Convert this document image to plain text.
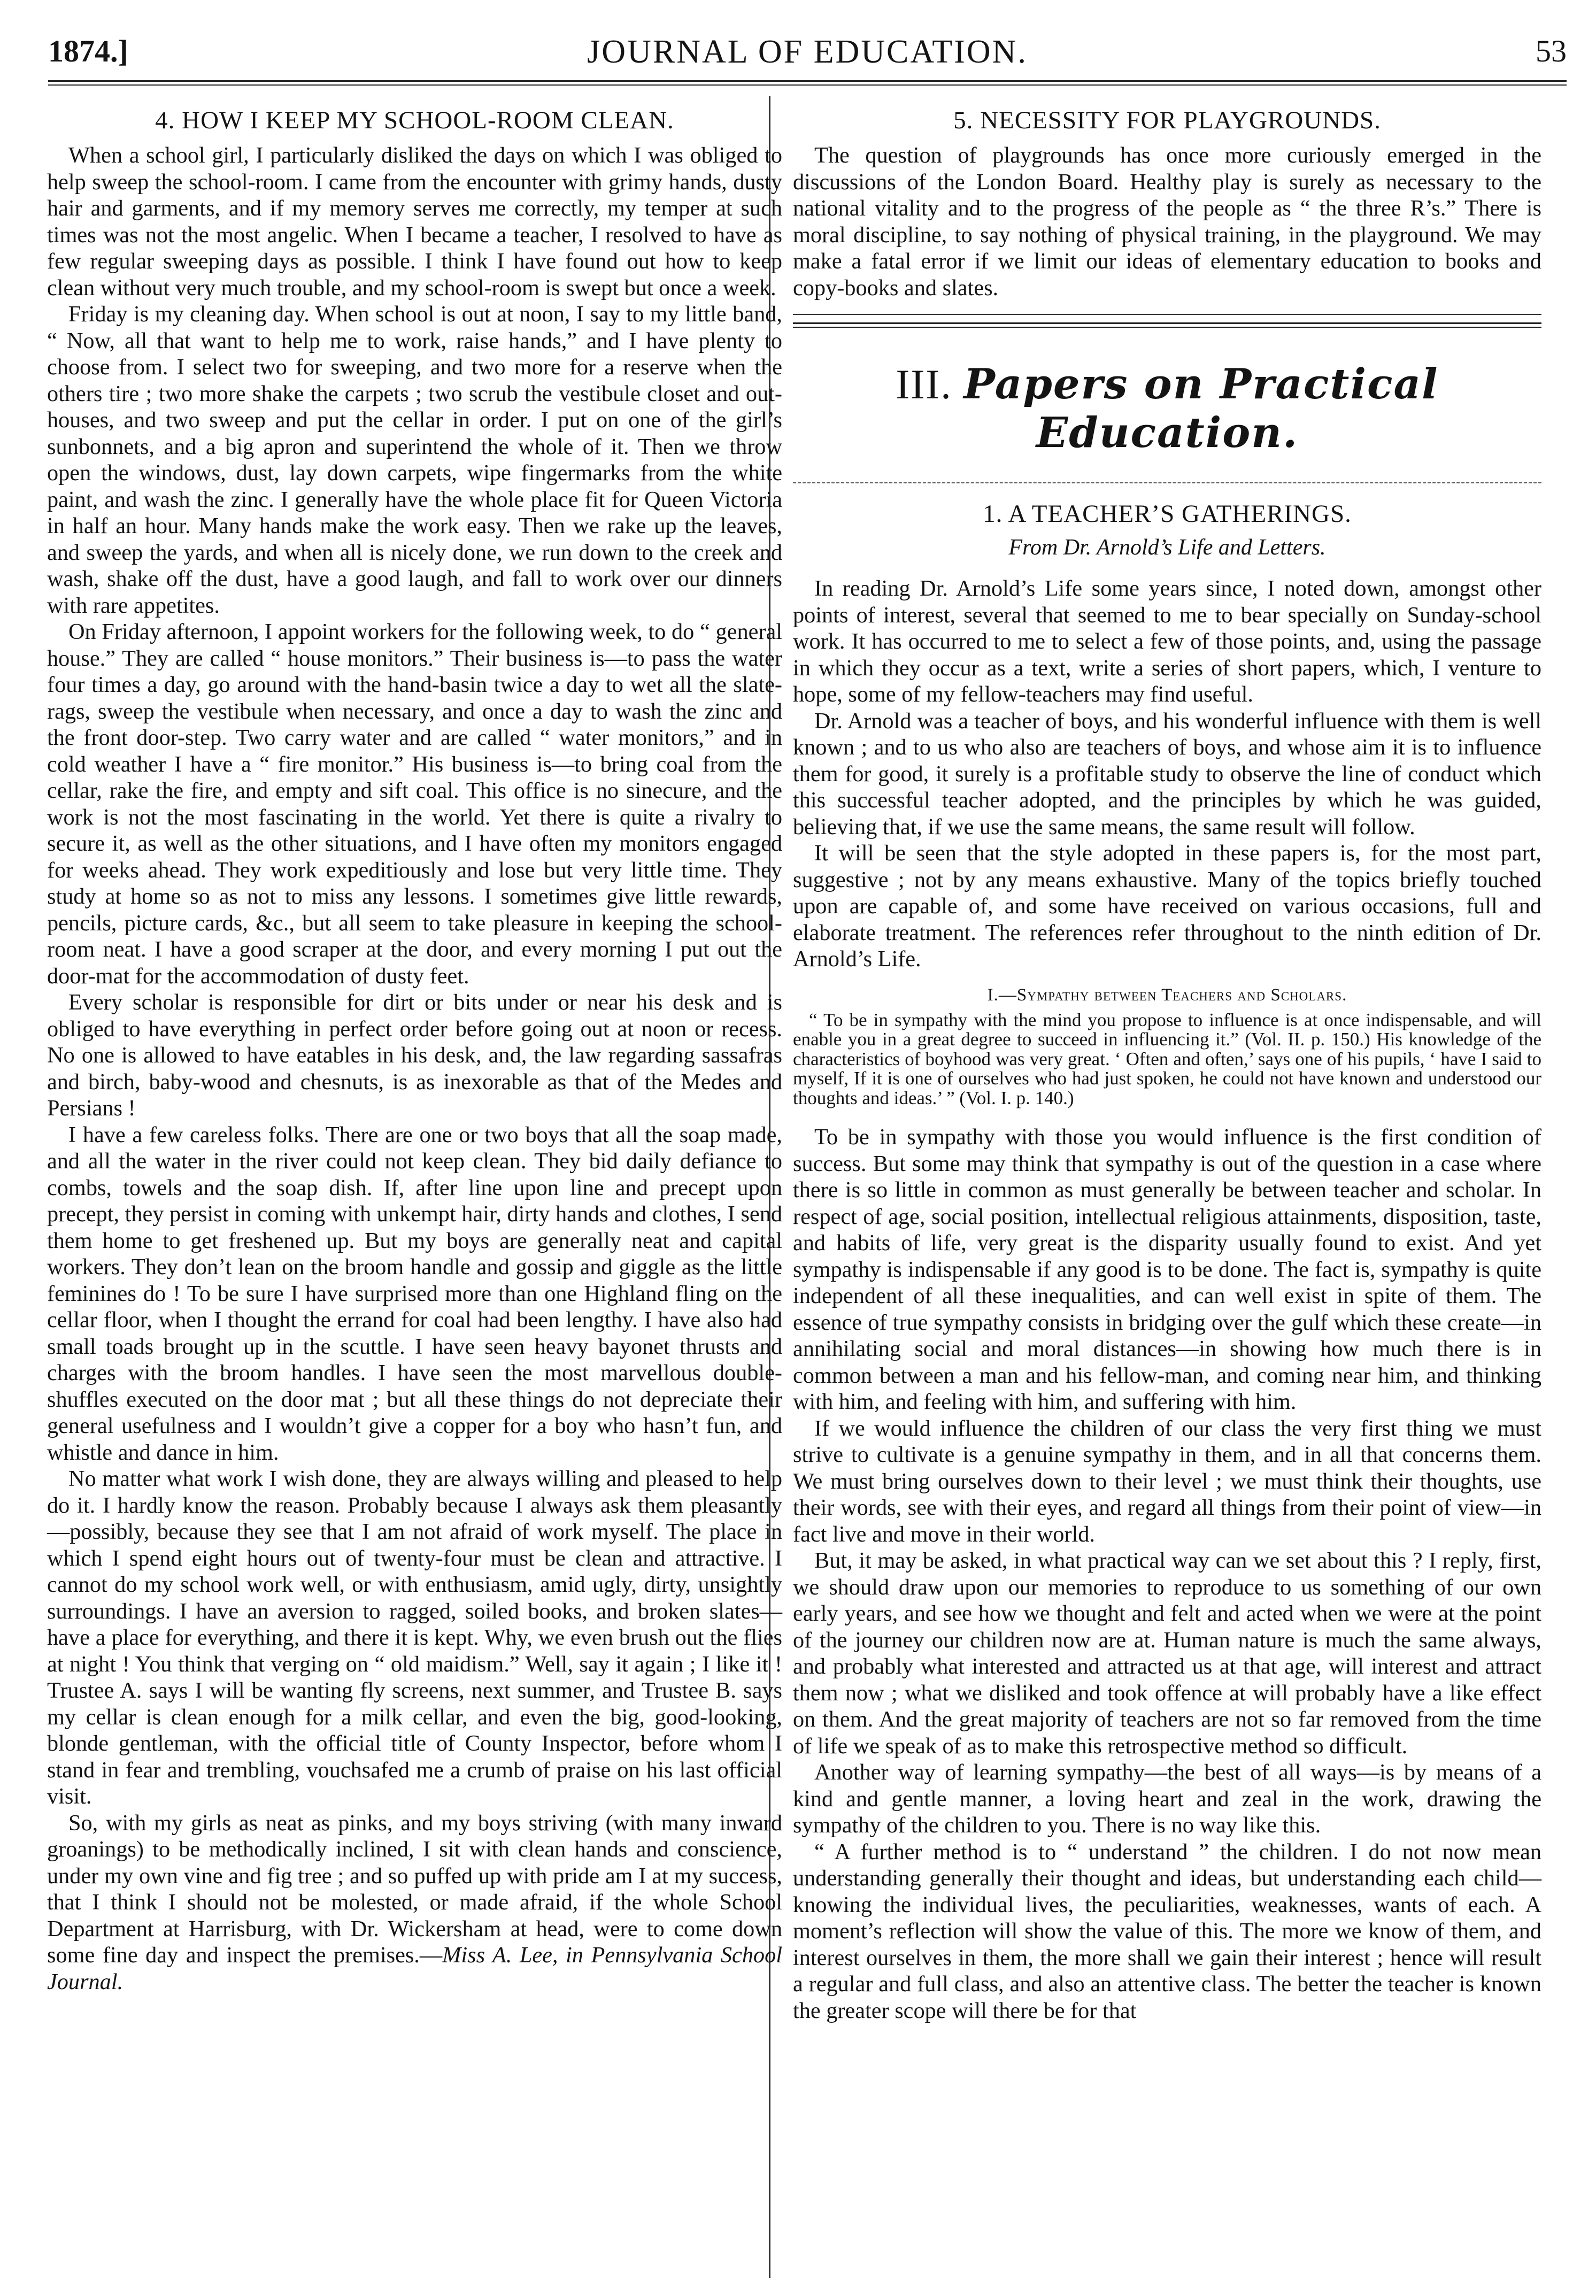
1874.]	JOURNAL OF EDUCATION.	53
4. HOW I KEEP MY SCHOOL-ROOM CLEAN.

When a school girl, I particularly disliked the days on which I was obliged to help sweep the school-room. I came from the encounter with grimy hands, dusty hair and garments, and if my memory serves me correctly, my temper at such times was not the most angelic. When I became a teacher, I resolved to have as few regular sweeping days as possible. I think I have found out how to keep clean without very much trouble, and my school-room is swept but once a week.

Friday is my cleaning day. When school is out at noon, I say to my little band, “ Now, all that want to help me to work, raise hands,” and I have plenty to choose from. I select two for sweeping, and two more for a reserve when the others tire ; two more shake the carpets ; two scrub the vestibule closet and out-houses, and two sweep and put the cellar in order. I put on one of the girl’s sunbonnets, and a big apron and superintend the whole of it. Then we throw open the windows, dust, lay down carpets, wipe fingermarks from the white paint, and wash the zinc. I generally have the whole place fit for Queen Victoria in half an hour. Many hands make the work easy. Then we rake up the leaves, and sweep the yards, and when all is nicely done, we run down to the creek and wash, shake off the dust, have a good laugh, and fall to work over our dinners with rare appetites.

On Friday afternoon, I appoint workers for the following week, to do “ general house.” They are called “ house monitors.” Their business is—to pass the water four times a day, go around with the hand-basin twice a day to wet all the slate-rags, sweep the vestibule when necessary, and once a day to wash the zinc and the front door-step. Two carry water and are called “ water monitors,” and in cold weather I have a “ fire monitor.” His business is—to bring coal from the cellar, rake the fire, and empty and sift coal. This office is no sinecure, and the work is not the most fascinating in the world. Yet there is quite a rivalry to secure it, as well as the other situations, and I have often my monitors engaged for weeks ahead. They work expeditiously and lose but very little time. They study at home so as not to miss any lessons. I sometimes give little rewards, pencils, picture cards, &c., but all seem to take pleasure in keeping the school-room neat. I have a good scraper at the door, and every morning I put out the door-mat for the accommodation of dusty feet.

Every scholar is responsible for dirt or bits under or near his desk and is obliged to have everything in perfect order before going out at noon or recess. No one is allowed to have eatables in his desk, and, the law regarding sassafras and birch, baby-wood and chesnuts, is as inexorable as that of the Medes and Persians !

I have a few careless folks. There are one or two boys that all the soap made, and all the water in the river could not keep clean. They bid daily defiance to combs, towels and the soap dish. If, after line upon line and precept upon precept, they persist in coming with unkempt hair, dirty hands and clothes, I send them home to get freshened up. But my boys are generally neat and capital workers. They don’t lean on the broom handle and gossip and giggle as the little feminines do ! To be sure I have surprised more than one Highland fling on the cellar floor, when I thought the errand for coal had been lengthy. I have also had small toads brought up in the scuttle. I have seen heavy bayonet thrusts and charges with the broom handles. I have seen the most marvellous double-shuffles executed on the door mat ; but all these things do not depreciate their general usefulness and I wouldn’t give a copper for a boy who hasn’t fun, and whistle and dance in him.

No matter what work I wish done, they are always willing and pleased to help do it. I hardly know the reason. Probably because I always ask them pleasantly—possibly, because they see that I am not afraid of work myself. The place in which I spend eight hours out of twenty-four must be clean and attractive. I cannot do my school work well, or with enthusiasm, amid ugly, dirty, unsightly surroundings. I have an aversion to ragged, soiled books, and broken slates—have a place for everything, and there it is kept. Why, we even brush out the flies at night ! You think that verging on “ old maidism.” Well, say it again ; I like it ! Trustee A. says I will be wanting fly screens, next summer, and Trustee B. says my cellar is clean enough for a milk cellar, and even the big, good-looking, blonde gentleman, with the official title of County Inspector, before whom I stand in fear and trembling, vouchsafed me a crumb of praise on his last official visit.

So, with my girls as neat as pinks, and my boys striving (with many inward groanings) to be methodically inclined, I sit with clean hands and conscience, under my own vine and fig tree ; and so puffed up with pride am I at my success, that I think I should not be molested, or made afraid, if the whole School Department at Harrisburg, with Dr. Wickersham at head, were to come down some fine day and inspect the premises.—Miss A. Lee, in Pennsylvania School Journal.

5. NECESSITY FOR PLAYGROUNDS.

The question of playgrounds has once more curiously emerged in the discussions of the London Board. Healthy play is surely as necessary to the national vitality and to the progress of the people as “ the three R’s.” There is moral discipline, to say nothing of physical training, in the playground. We may make a fatal error if we limit our ideas of elementary education to books and copy-books and slates.

III. Papers on Practical Education.
1. A TEACHER’S GATHERINGS.
From Dr. Arnold’s Life and Letters.

In reading Dr. Arnold’s Life some years since, I noted down, amongst other points of interest, several that seemed to me to bear specially on Sunday-school work. It has occurred to me to select a few of those points, and, using the passage in which they occur as a text, write a series of short papers, which, I venture to hope, some of my fellow-teachers may find useful.

Dr. Arnold was a teacher of boys, and his wonderful influence with them is well known ; and to us who also are teachers of boys, and whose aim it is to influence them for good, it surely is a profitable study to observe the line of conduct which this successful teacher adopted, and the principles by which he was guided, believing that, if we use the same means, the same result will follow.

It will be seen that the style adopted in these papers is, for the most part, suggestive ; not by any means exhaustive. Many of the topics briefly touched upon are capable of, and some have received on various occasions, full and elaborate treatment. The references refer throughout to the ninth edition of Dr. Arnold’s Life.

I.—Sympathy between Teachers and Scholars.

“ To be in sympathy with the mind you propose to influence is at once indispensable, and will enable you in a great degree to succeed in influencing it.” (Vol. II. p. 150.) His knowledge of the characteristics of boyhood was very great. ‘ Often and often,’ says one of his pupils, ‘ have I said to myself, If it is one of ourselves who had just spoken, he could not have known and understood our thoughts and ideas.’ ” (Vol. I. p. 140.)

To be in sympathy with those you would influence is the first condition of success. But some may think that sympathy is out of the question in a case where there is so little in common as must generally be between teacher and scholar. In respect of age, social position, intellectual religious attainments, disposition, taste, and habits of life, very great is the disparity usually found to exist. And yet sympathy is indispensable if any good is to be done. The fact is, sympathy is quite independent of all these inequalities, and can well exist in spite of them. The essence of true sympathy consists in bridging over the gulf which these create—in annihilating social and moral distances—in showing how much there is in common between a man and his fellow-man, and coming near him, and thinking with him, and feeling with him, and suffering with him.

If we would influence the children of our class the very first thing we must strive to cultivate is a genuine sympathy in them, and in all that concerns them. We must bring ourselves down to their level ; we must think their thoughts, use their words, see with their eyes, and regard all things from their point of view—in fact live and move in their world.

But, it may be asked, in what practical way can we set about this ? I reply, first, we should draw upon our memories to reproduce to us something of our own early years, and see how we thought and felt and acted when we were at the point of the journey our children now are at. Human nature is much the same always, and probably what interested and attracted us at that age, will interest and attract them now ; what we disliked and took offence at will probably have a like effect on them. And the great majority of teachers are not so far removed from the time of life we speak of as to make this retrospective method so difficult.

Another way of learning sympathy—the best of all ways—is by means of a kind and gentle manner, a loving heart and zeal in the work, drawing the sympathy of the children to you. There is no way like this.

“ A further method is to “ understand ” the children. I do not now mean understanding generally their thought and ideas, but understanding each child—knowing the individual lives, the peculiarities, weaknesses, wants of each. A moment’s reflection will show the value of this. The more we know of them, and interest ourselves in them, the more shall we gain their interest ; hence will result a regular and full class, and also an attentive class. The better the teacher is known the greater scope will there be for that
